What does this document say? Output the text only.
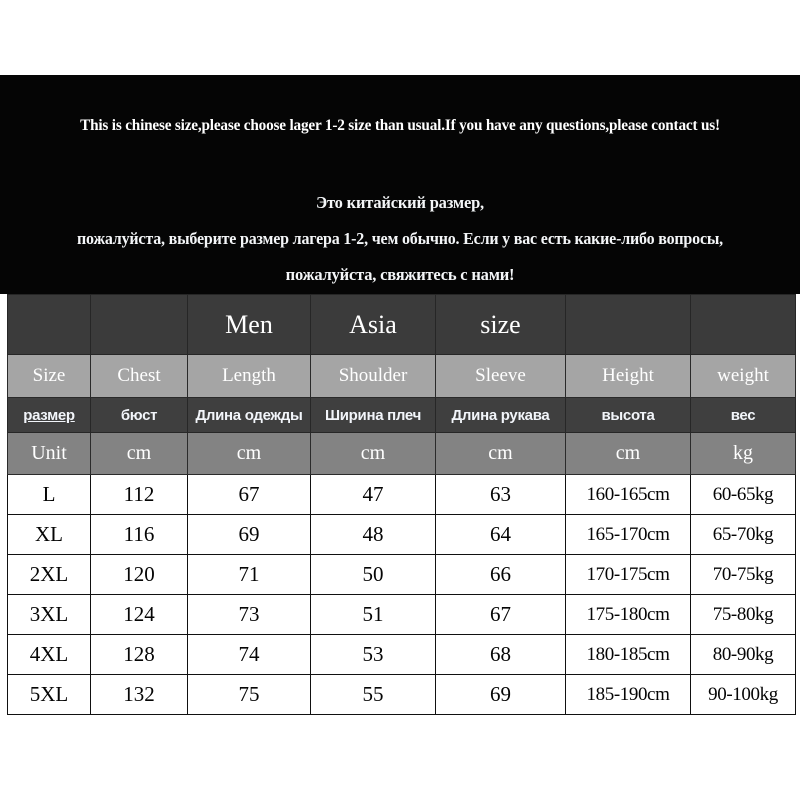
This is chinese size,please choose lager 1-2 size than usual.If you have any questions,please contact us!
Это китайский размер,
пожалуйста, выберите размер лагера 1-2, чем обычно. Если у вас есть какие-либо вопросы,
пожалуйста, свяжитесь с нами!
		Men	Asia	size		
Size	Chest	Length	Shoulder	Sleeve	Height	weight
размер	бюст	Длина одежды	Ширина плеч	Длина рукава	высота	вес
Unit	cm	cm	cm	cm	cm	kg
L	112	67	47	63	160-165cm	60-65kg
XL	116	69	48	64	165-170cm	65-70kg
2XL	120	71	50	66	170-175cm	70-75kg
3XL	124	73	51	67	175-180cm	75-80kg
4XL	128	74	53	68	180-185cm	80-90kg
5XL	132	75	55	69	185-190cm	90-100kg
